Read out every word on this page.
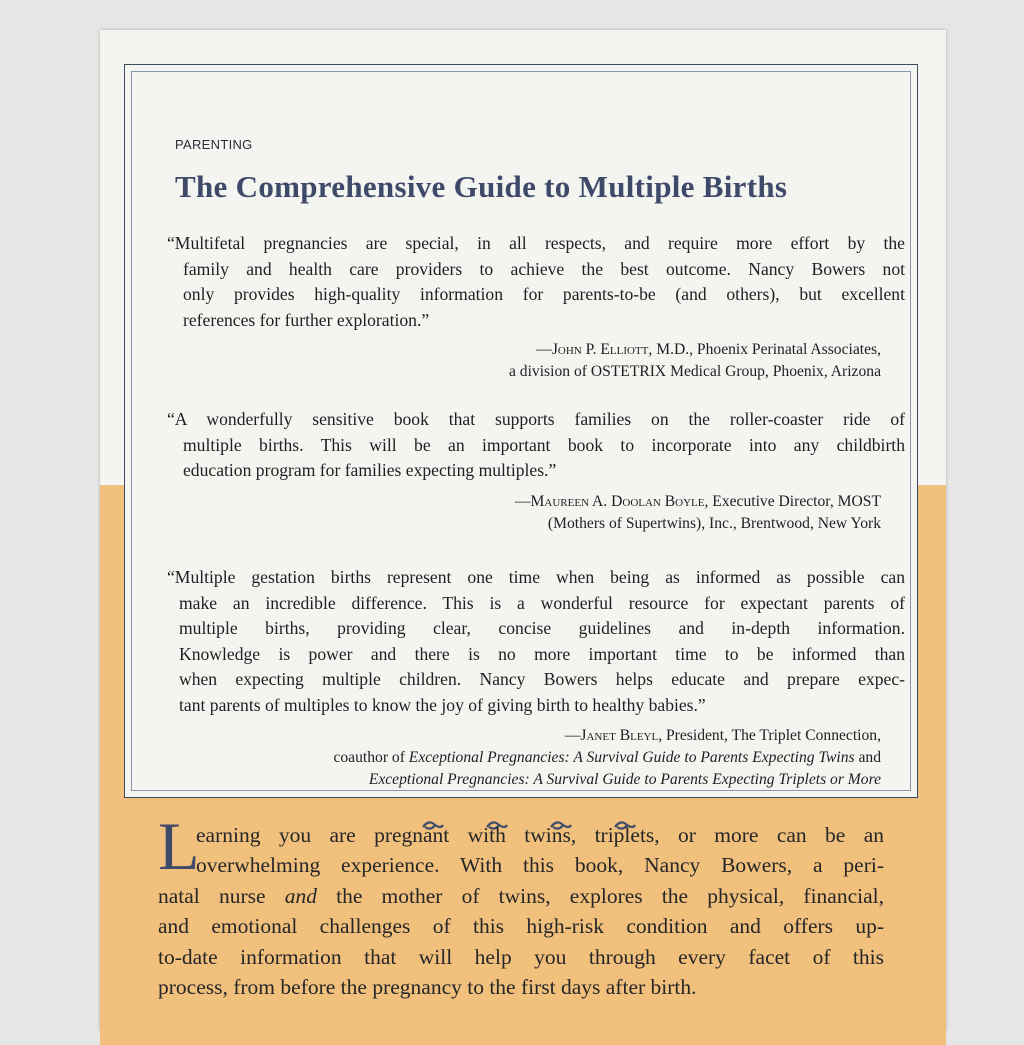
PARENTING
The Comprehensive Guide to Multiple Births
“Multifetal pregnancies are special, in all respects, and require more effort by the
family and health care providers to achieve the best outcome. Nancy Bowers not
only provides high-quality information for parents-to-be (and others), but excellent
references for further exploration.”
—John P. Elliott, M.D., Phoenix Perinatal Associates,
a division of OSTETRIX Medical Group, Phoenix, Arizona
“A wonderfully sensitive book that supports families on the roller-coaster ride of
multiple births. This will be an important book to incorporate into any childbirth
education program for families expecting multiples.”
—Maureen A. Doolan Boyle, Executive Director, MOST
(Mothers of Supertwins), Inc., Brentwood, New York
“Multiple gestation births represent one time when being as informed as possible can
make an incredible difference. This is a wonderful resource for expectant parents of
multiple births, providing clear, concise guidelines and in-depth information.
Knowledge is power and there is no more important time to be informed than
when expecting multiple children. Nancy Bowers helps educate and prepare expec-
tant parents of multiples to know the joy of giving birth to healthy babies.”
—Janet Bleyl, President, The Triplet Connection,
coauthor of Exceptional Pregnancies: A Survival Guide to Parents Expecting Twins and
Exceptional Pregnancies: A Survival Guide to Parents Expecting Triplets or More
L
earning you are pregnant with twins, triplets, or more can be an
overwhelming experience. With this book, Nancy Bowers, a peri-
natal nurse and the mother of twins, explores the physical, financial,
and emotional challenges of this high-risk condition and offers up-
to-date information that will help you through every facet of this
process, from before the pregnancy to the first days after birth.
